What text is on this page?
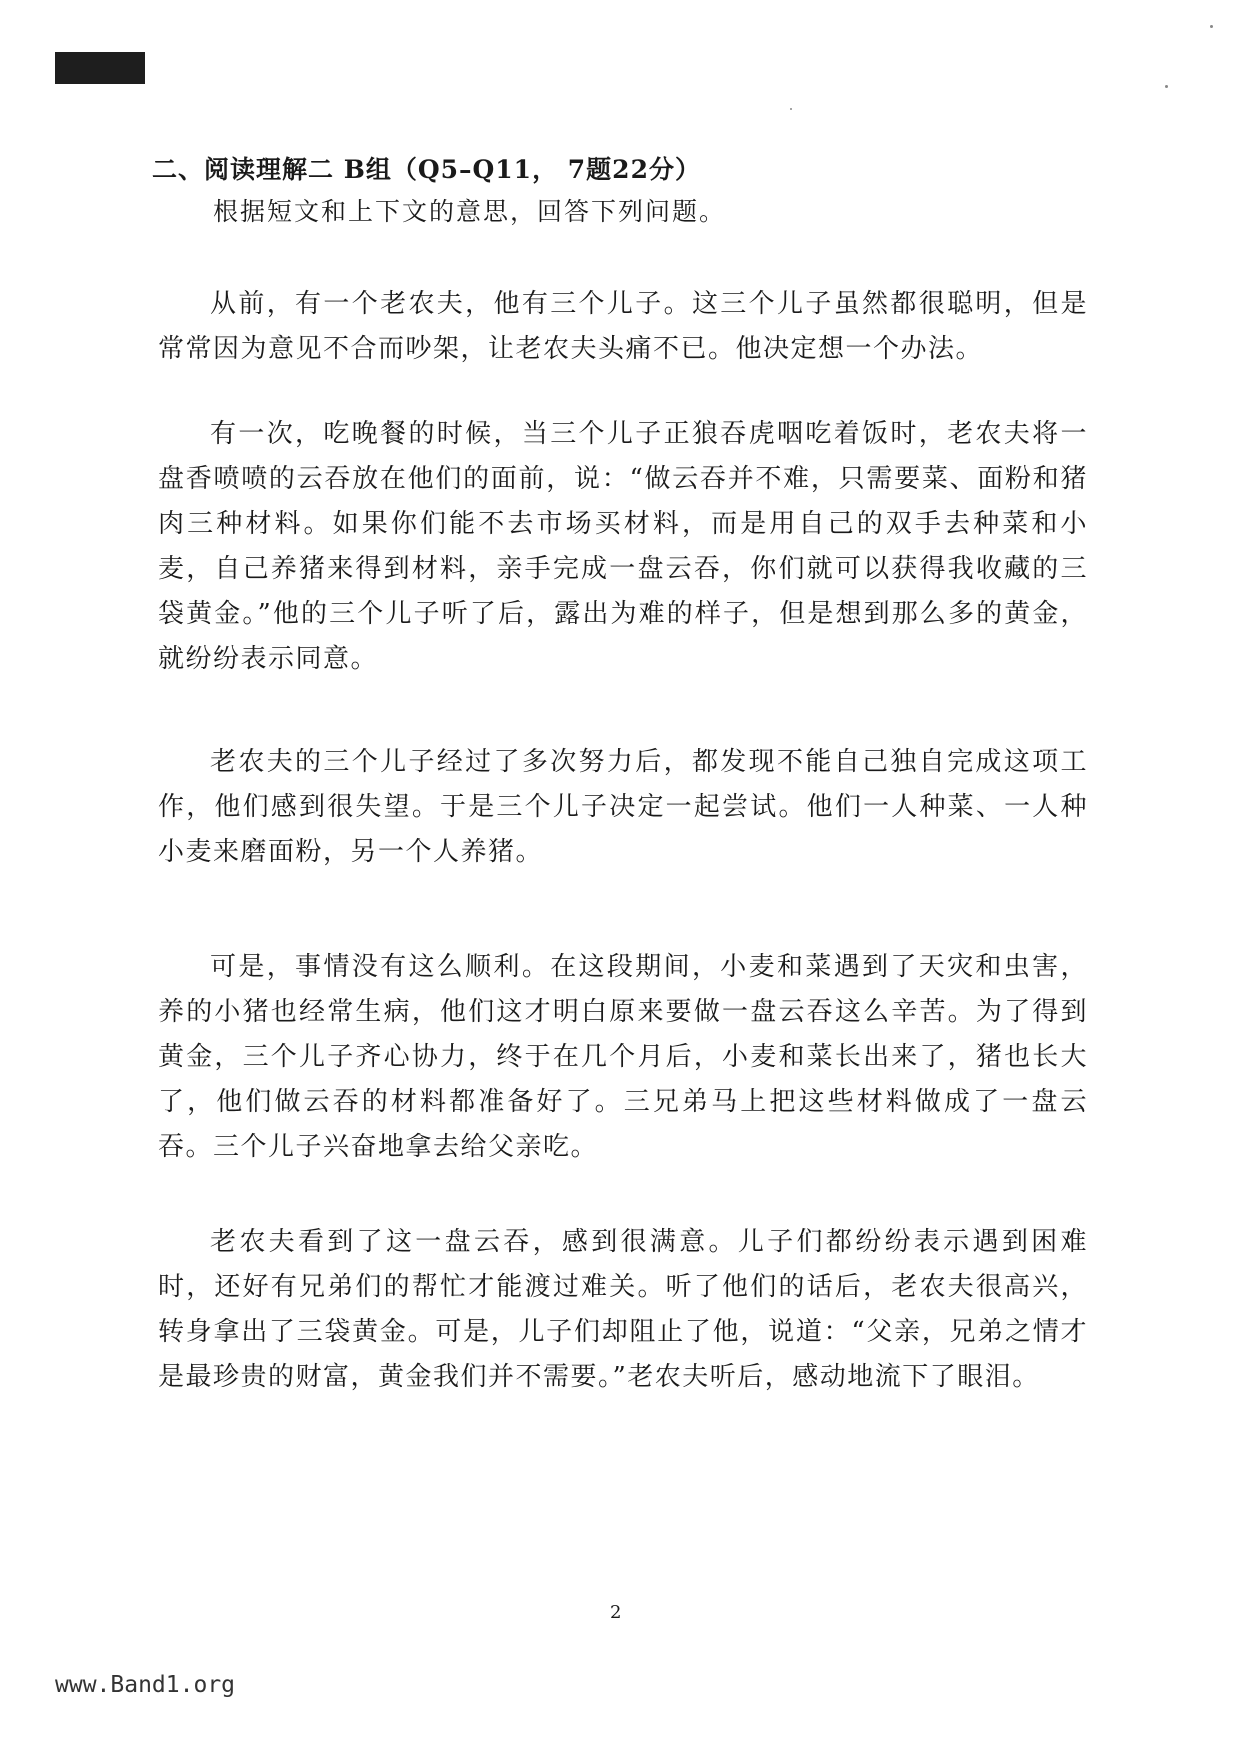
二、阅读理解二 B组（Q5–Q11， 7题22分）
根据短文和上下文的意思，回答下列问题。

从前，有一个老农夫，他有三个儿子。这三个儿子虽然都很聪明，但是常常因为意见不合而吵架，让老农夫头痛不已。他决定想一个办法。

有一次，吃晚餐的时候，当三个儿子正狼吞虎咽吃着饭时，老农夫将一盘香喷喷的云吞放在他们的面前，说：“做云吞并不难，只需要菜、面粉和猪肉三种材料。如果你们能不去市场买材料，而是用自己的双手去种菜和小麦，自己养猪来得到材料，亲手完成一盘云吞，你们就可以获得我收藏的三袋黄金。”他的三个儿子听了后，露出为难的样子，但是想到那么多的黄金，就纷纷表示同意。

老农夫的三个儿子经过了多次努力后，都发现不能自己独自完成这项工作，他们感到很失望。于是三个儿子决定一起尝试。他们一人种菜、一人种小麦来磨面粉，另一个人养猪。

可是，事情没有这么顺利。在这段期间，小麦和菜遇到了天灾和虫害，养的小猪也经常生病，他们这才明白原来要做一盘云吞这么辛苦。为了得到黄金，三个儿子齐心协力，终于在几个月后，小麦和菜长出来了，猪也长大了，他们做云吞的材料都准备好了。三兄弟马上把这些材料做成了一盘云吞。三个儿子兴奋地拿去给父亲吃。

老农夫看到了这一盘云吞，感到很满意。儿子们都纷纷表示遇到困难时，还好有兄弟们的帮忙才能渡过难关。听了他们的话后，老农夫很高兴，转身拿出了三袋黄金。可是，儿子们却阻止了他，说道：“父亲，兄弟之情才是最珍贵的财富，黄金我们并不需要。”老农夫听后，感动地流下了眼泪。

2
www.Band1.org
